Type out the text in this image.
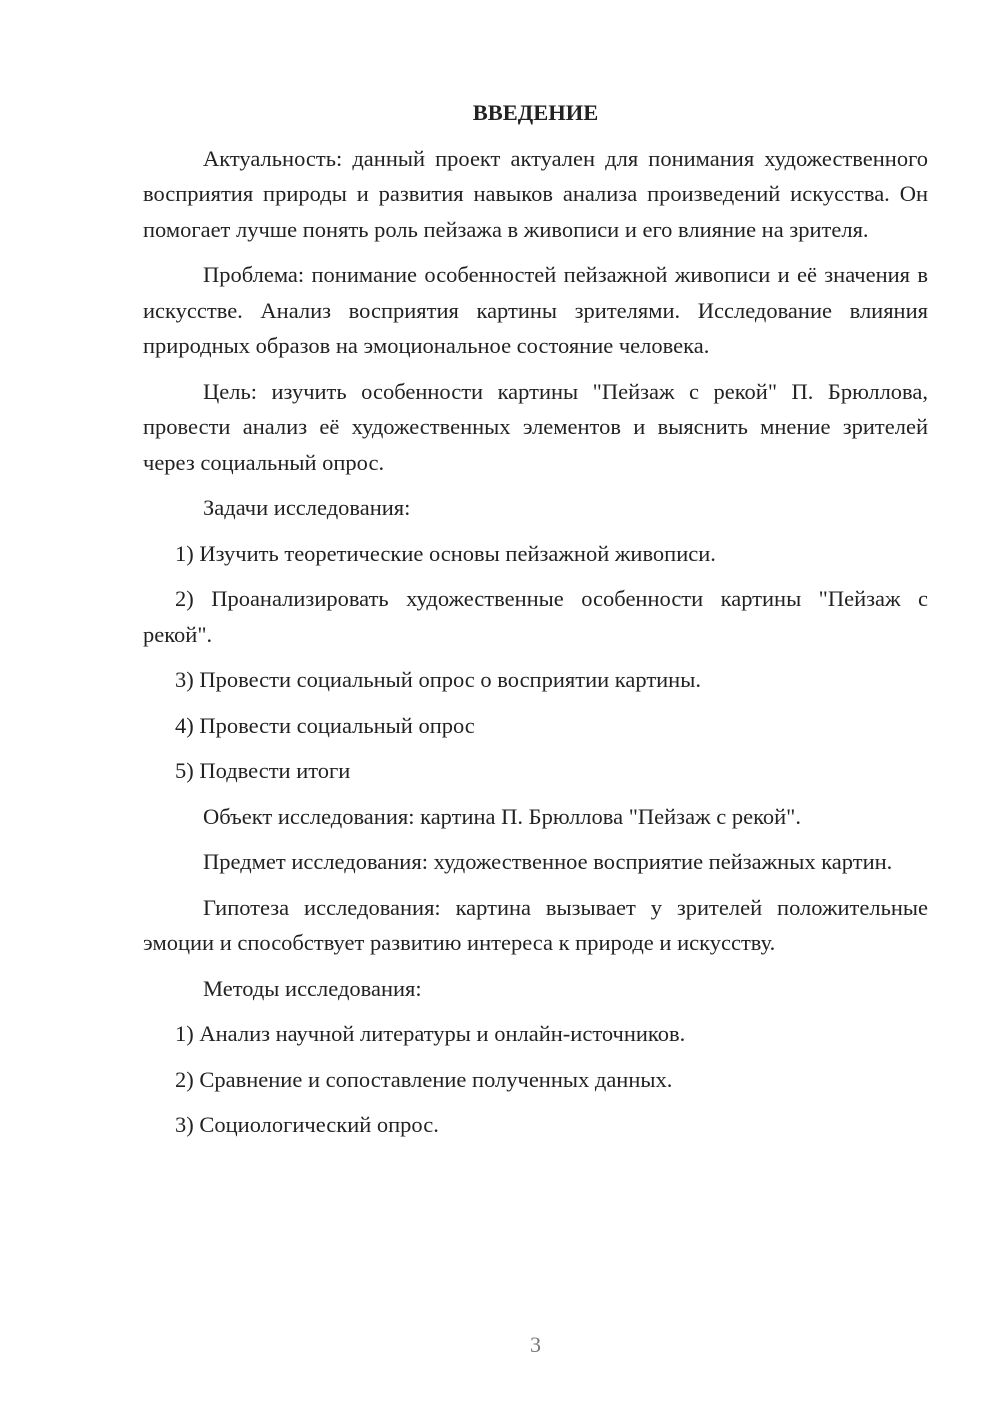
ВВЕДЕНИЕ

Актуальность: данный проект актуален для понимания художественного восприятия природы и развития навыков анализа произведений искусства. Он помогает лучше понять роль пейзажа в живописи и его влияние на зрителя.

Проблема: понимание особенностей пейзажной живописи и её значения в искусстве. Анализ восприятия картины зрителями. Исследование влияния природных образов на эмоциональное состояние человека.

Цель: изучить особенности картины "Пейзаж с рекой" П. Брюллова, провести анализ её художественных элементов и выяснить мнение зрителей через социальный опрос.

Задачи исследования:

1) Изучить теоретические основы пейзажной живописи.

2) Проанализировать художественные особенности картины "Пейзаж с рекой".

3) Провести социальный опрос о восприятии картины.

4) Провести социальный опрос

5) Подвести итоги

Объект исследования: картина П. Брюллова "Пейзаж с рекой".

Предмет исследования: художественное восприятие пейзажных картин.

Гипотеза исследования: картина вызывает у зрителей положительные эмоции и способствует развитию интереса к природе и искусству.

Методы исследования:

1) Анализ научной литературы и онлайн-источников.

2) Сравнение и сопоставление полученных данных.

3) Социологический опрос.

3
